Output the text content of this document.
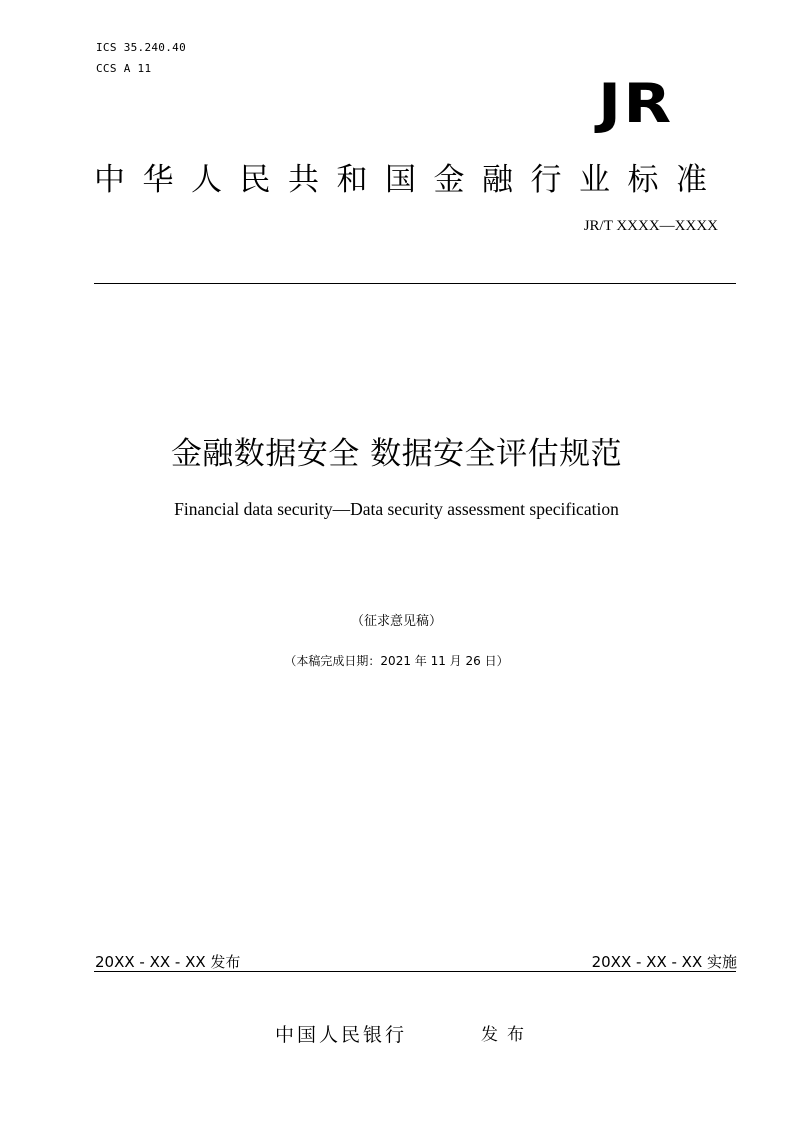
ICS 35.240.40
CCS A 11
JR
中华人民共和国金融行业标准
JR/T XXXX—XXXX
金融数据安全 数据安全评估规范
Financial data security—Data security assessment specification
（征求意见稿）
（本稿完成日期：2021 年 11 月 26 日）
20XX - XX - XX 发布	20XX - XX - XX 实施
中国人民银行	发布
